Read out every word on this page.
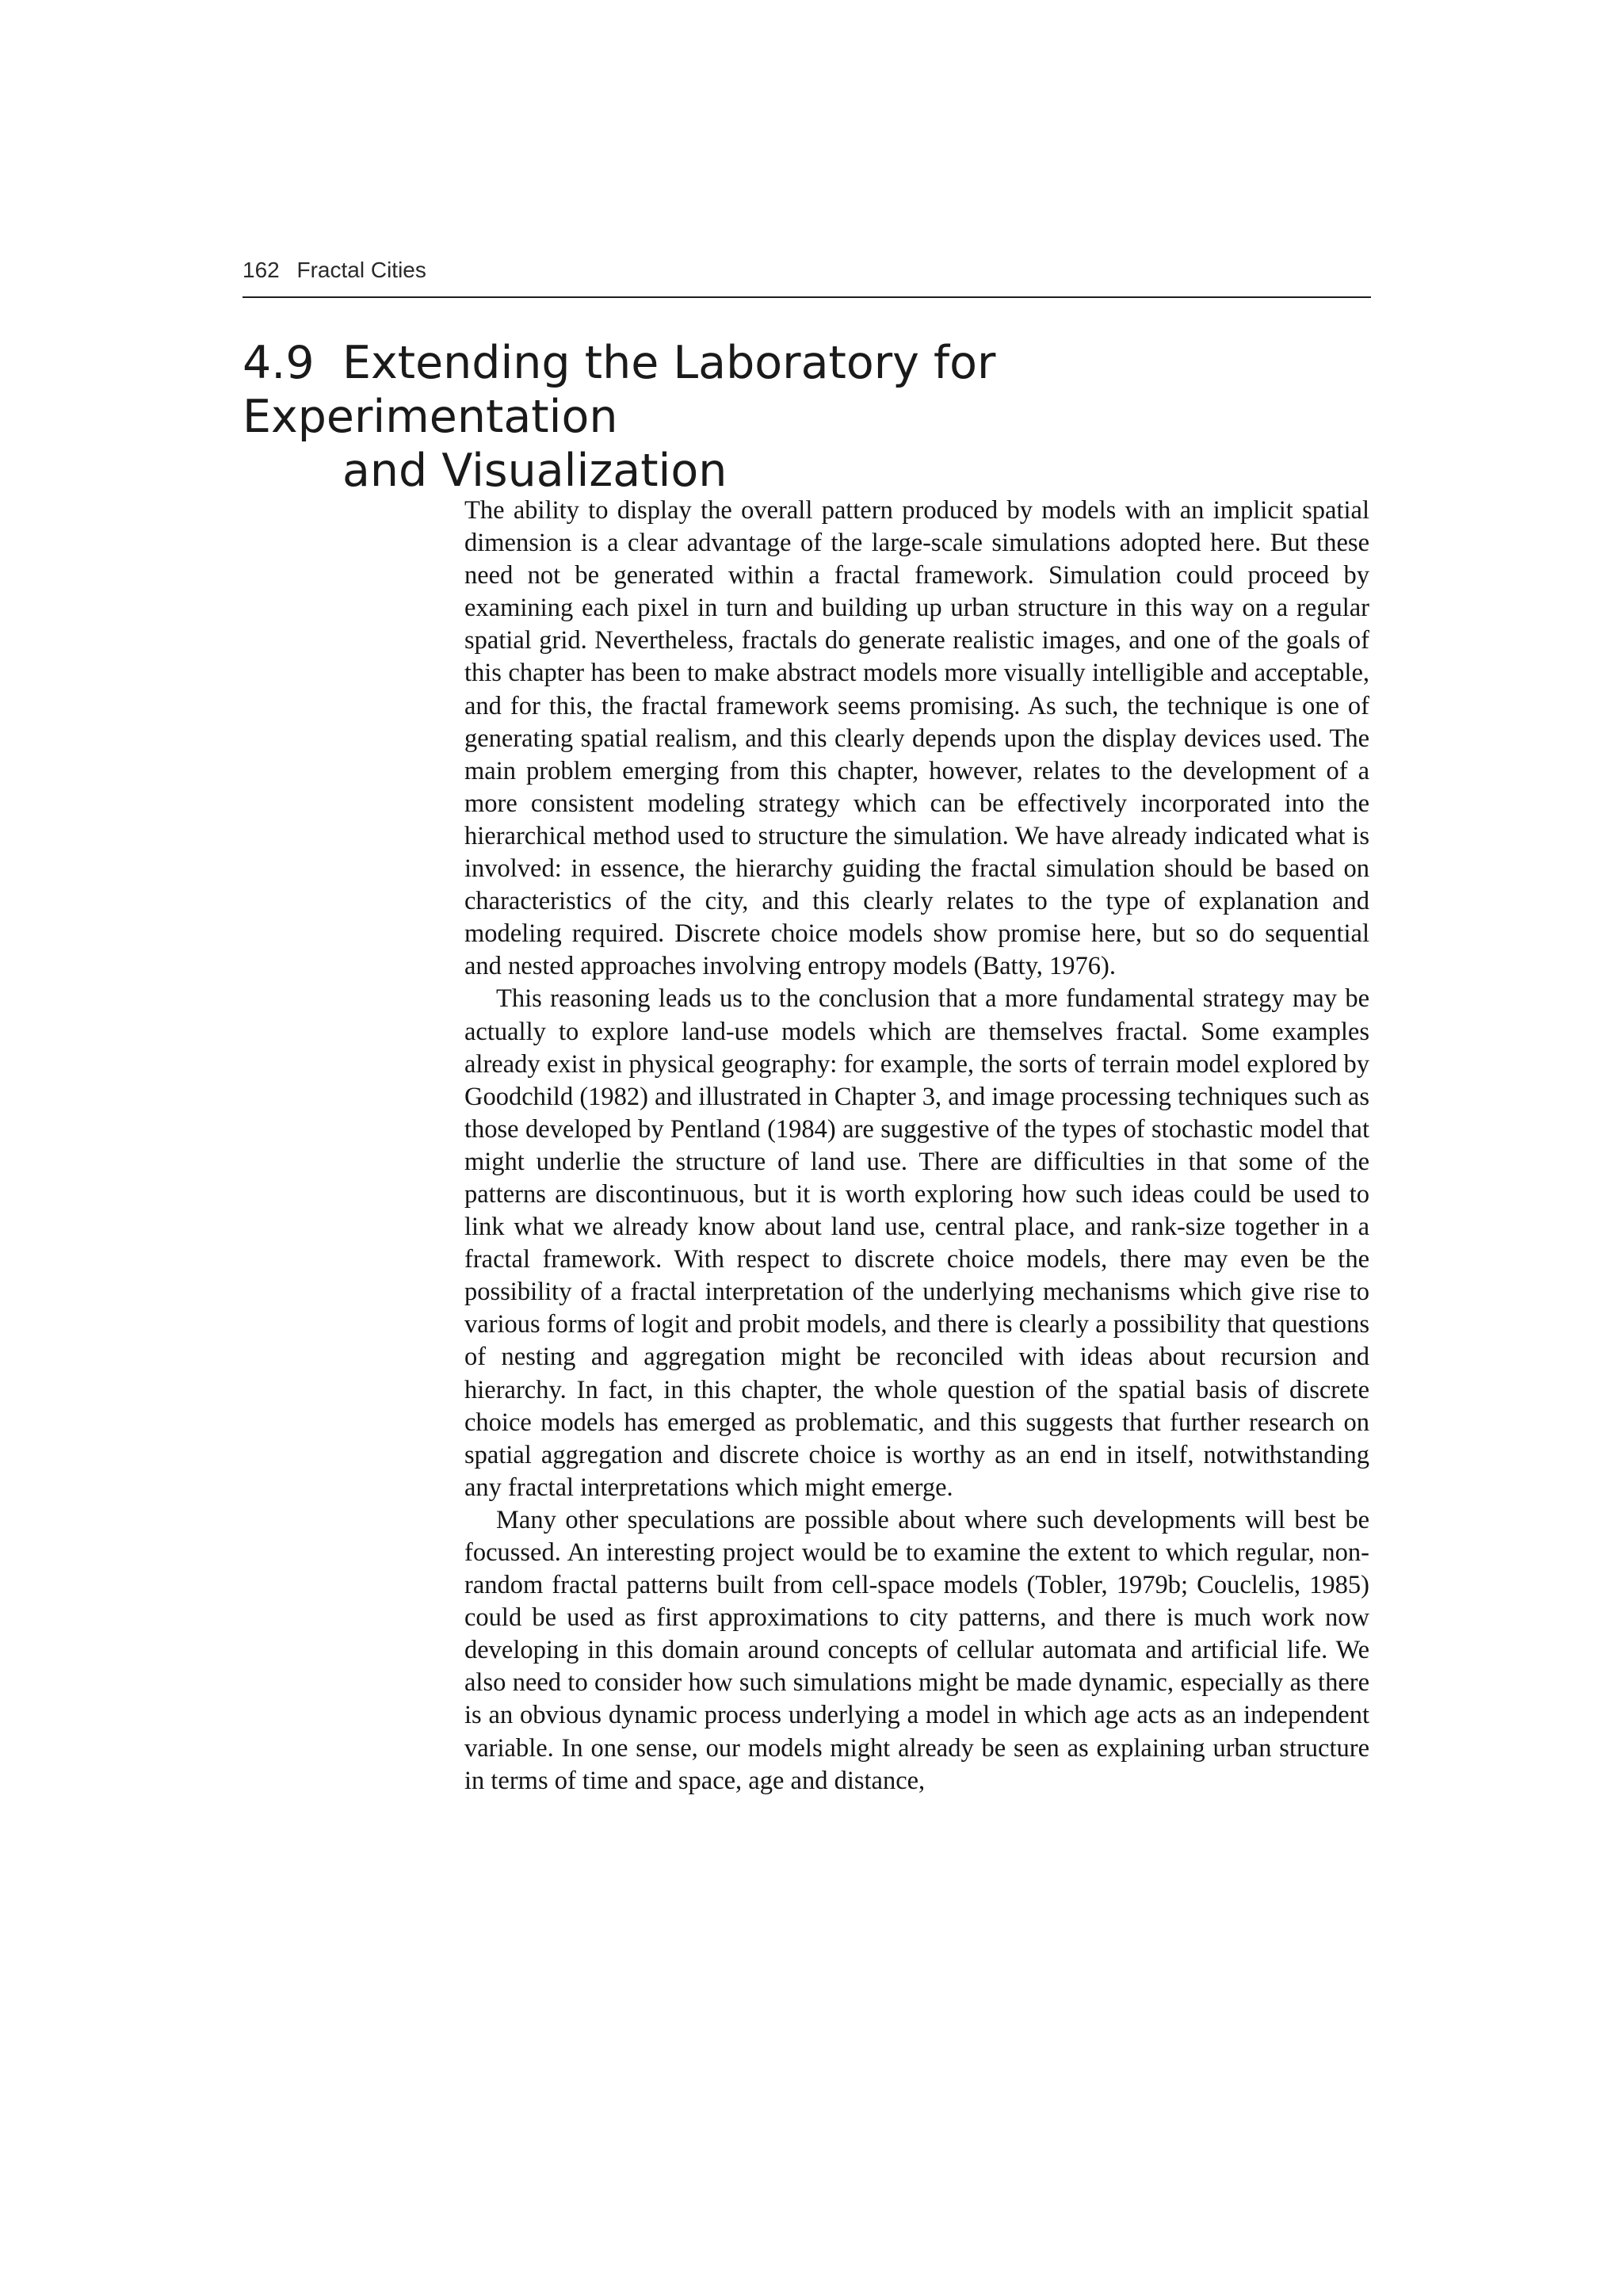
162 Fractal Cities
4.9 Extending the Laboratory for Experimentation
and Visualization

The ability to display the overall pattern produced by models with an implicit spatial dimension is a clear advantage of the large-scale simulations adopted here. But these need not be generated within a fractal framework. Simulation could proceed by examining each pixel in turn and building up urban structure in this way on a regular spatial grid. Nevertheless, fractals do generate realistic images, and one of the goals of this chapter has been to make abstract models more visually intelligible and acceptable, and for this, the fractal framework seems promising. As such, the technique is one of generating spatial realism, and this clearly depends upon the display devices used. The main problem emerging from this chapter, however, relates to the development of a more consistent modeling strategy which can be effectively incorporated into the hierarchical method used to structure the simulation. We have already indicated what is involved: in essence, the hierarchy guiding the fractal simulation should be based on characteristics of the city, and this clearly relates to the type of explanation and modeling required. Discrete choice models show promise here, but so do sequential and nested approaches involving entropy models (Batty, 1976).

This reasoning leads us to the conclusion that a more fundamental strategy may be actually to explore land-use models which are themselves fractal. Some examples already exist in physical geography: for example, the sorts of terrain model explored by Goodchild (1982) and illustrated in Chapter 3, and image processing techniques such as those developed by Pentland (1984) are suggestive of the types of stochastic model that might underlie the structure of land use. There are difficulties in that some of the patterns are discontinuous, but it is worth exploring how such ideas could be used to link what we already know about land use, central place, and rank-size together in a fractal framework. With respect to discrete choice models, there may even be the possibility of a fractal interpretation of the underlying mechanisms which give rise to various forms of logit and probit models, and there is clearly a possibility that questions of nesting and aggregation might be reconciled with ideas about recursion and hierarchy. In fact, in this chapter, the whole question of the spatial basis of discrete choice models has emerged as problematic, and this suggests that further research on spatial aggregation and discrete choice is worthy as an end in itself, notwithstanding any fractal interpretations which might emerge.

Many other speculations are possible about where such developments will best be focussed. An interesting project would be to examine the extent to which regular, non-random fractal patterns built from cell-space models (Tobler, 1979b; Couclelis, 1985) could be used as first approximations to city patterns, and there is much work now developing in this domain around concepts of cellular automata and artificial life. We also need to consider how such simulations might be made dynamic, especially as there is an obvious dynamic process underlying a model in which age acts as an independent variable. In one sense, our models might already be seen as explaining urban structure in terms of time and space, age and distance,
